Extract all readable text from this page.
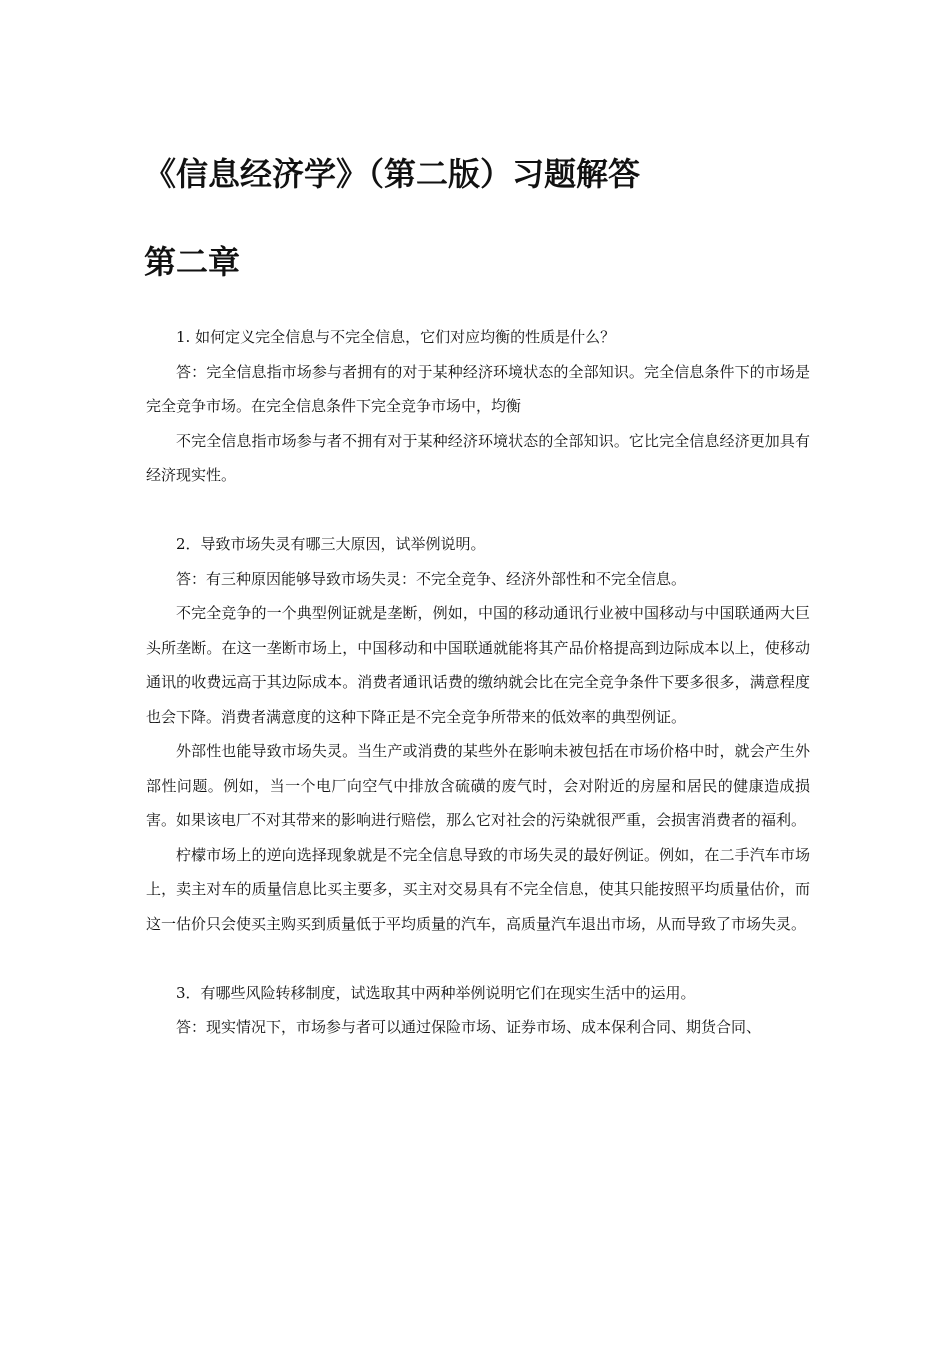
《信息经济学》（第二版）习题解答
第二章

1. 如何定义完全信息与不完全信息，它们对应均衡的性质是什么？

答：完全信息指市场参与者拥有的对于某种经济环境状态的全部知识。完全信息条件下的市场是完全竞争市场。在完全信息条件下完全竞争市场中，均衡

不完全信息指市场参与者不拥有对于某种经济环境状态的全部知识。它比完全信息经济更加具有经济现实性。

2．导致市场失灵有哪三大原因，试举例说明。

答：有三种原因能够导致市场失灵：不完全竞争、经济外部性和不完全信息。

不完全竞争的一个典型例证就是垄断，例如，中国的移动通讯行业被中国移动与中国联通两大巨头所垄断。在这一垄断市场上，中国移动和中国联通就能将其产品价格提高到边际成本以上，使移动通讯的收费远高于其边际成本。消费者通讯话费的缴纳就会比在完全竞争条件下要多很多，满意程度也会下降。消费者满意度的这种下降正是不完全竞争所带来的低效率的典型例证。

外部性也能导致市场失灵。当生产或消费的某些外在影响未被包括在市场价格中时，就会产生外部性问题。例如，当一个电厂向空气中排放含硫磺的废气时，会对附近的房屋和居民的健康造成损害。如果该电厂不对其带来的影响进行赔偿，那么它对社会的污染就很严重，会损害消费者的福利。

柠檬市场上的逆向选择现象就是不完全信息导致的市场失灵的最好例证。例如，在二手汽车市场上，卖主对车的质量信息比买主要多，买主对交易具有不完全信息，使其只能按照平均质量估价，而这一估价只会使买主购买到质量低于平均质量的汽车，高质量汽车退出市场，从而导致了市场失灵。

3．有哪些风险转移制度，试选取其中两种举例说明它们在现实生活中的运用。

答：现实情况下，市场参与者可以通过保险市场、证券市场、成本保利合同、期货合同、
